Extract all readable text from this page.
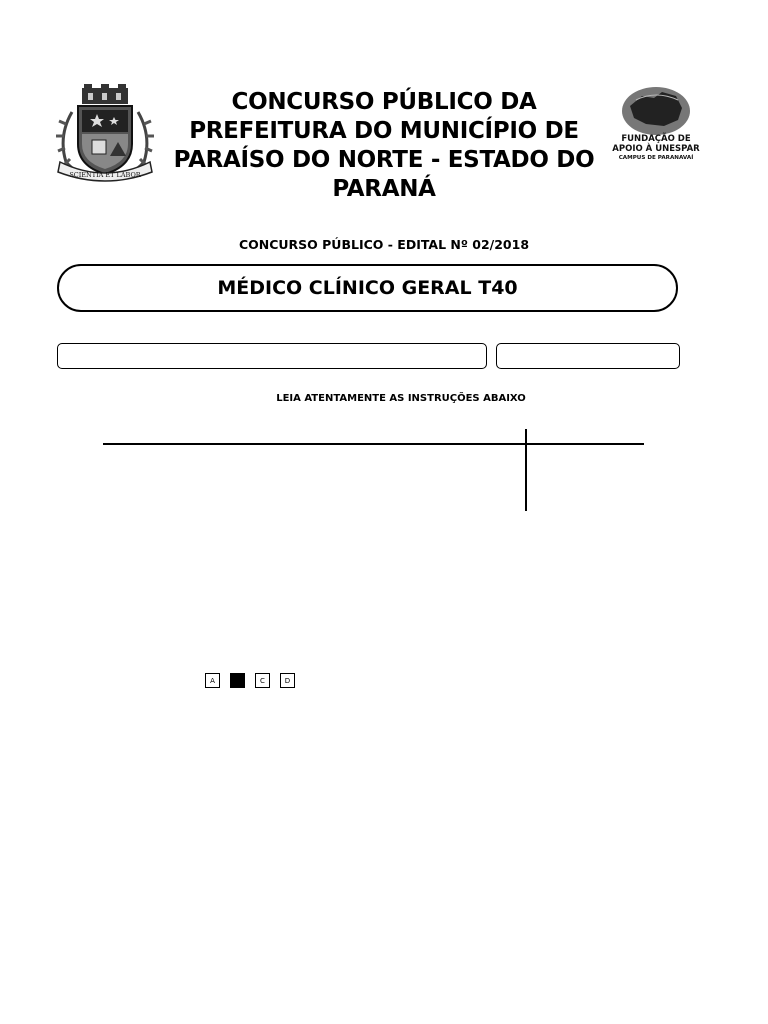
SCIENTIA ET LABOR
CONCURSO PÚBLICO DA
PREFEITURA DO MUNICÍPIO DE
PARAÍSO DO NORTE - ESTADO DO
PARANÁ
FUNDAÇÃO DE
APOIO À UNESPAR
CAMPUS DE PARANAVAÍ
CONCURSO PÚBLICO - EDITAL Nº 02/2018
MÉDICO CLÍNICO GERAL T40
LEIA ATENTAMENTE AS INSTRUÇÕES ABAIXO
A	B	C	D
